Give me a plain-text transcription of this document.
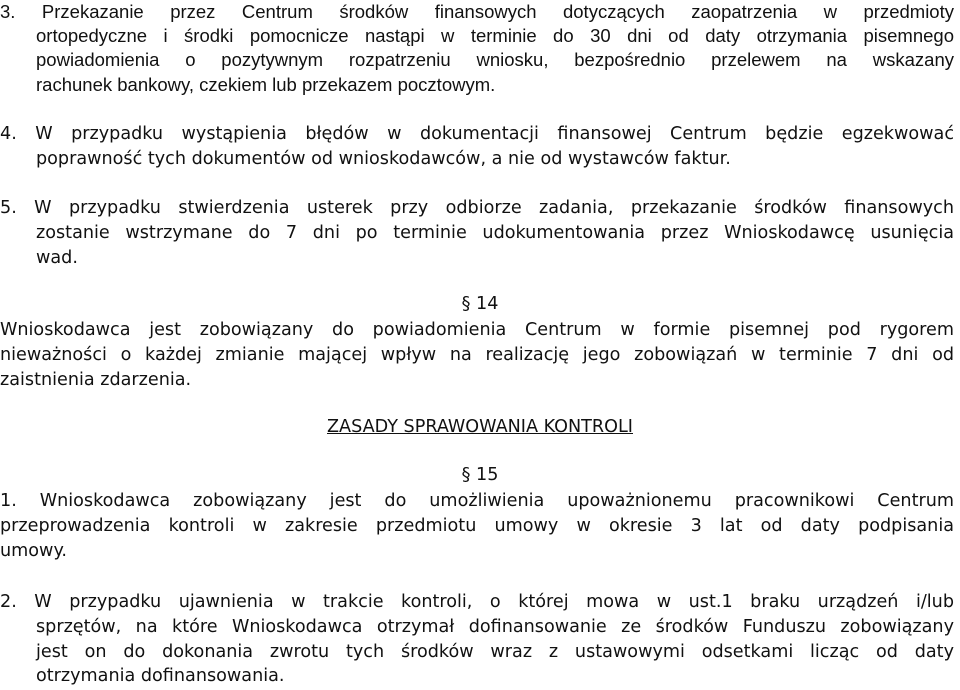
3. Przekazanie przez Centrum środków finansowych dotyczących zaopatrzenia w przedmioty
ortopedyczne i środki pomocnicze nastąpi w terminie do 30 dni od daty otrzymania pisemnego
powiadomienia o pozytywnym rozpatrzeniu wniosku, bezpośrednio przelewem na wskazany
rachunek bankowy, czekiem lub przekazem pocztowym.
4. W przypadku wystąpienia błędów w dokumentacji finansowej Centrum będzie egzekwować
poprawność tych dokumentów od wnioskodawców, a nie od wystawców faktur.
5. W przypadku stwierdzenia usterek przy odbiorze zadania, przekazanie środków finansowych
zostanie wstrzymane do 7 dni po terminie udokumentowania przez Wnioskodawcę usunięcia
wad.
§ 14
Wnioskodawca jest zobowiązany do powiadomienia Centrum w formie pisemnej pod rygorem
nieważności o każdej zmianie mającej wpływ na realizację jego zobowiązań w terminie 7 dni od
zaistnienia zdarzenia.
ZASADY SPRAWOWANIA KONTROLI
§ 15
1. Wnioskodawca zobowiązany jest do umożliwienia upoważnionemu pracownikowi Centrum
przeprowadzenia kontroli w zakresie przedmiotu umowy w okresie 3 lat od daty podpisania
umowy.
2. W przypadku ujawnienia w trakcie kontroli, o której mowa w ust.1 braku urządzeń i/lub
sprzętów, na które Wnioskodawca otrzymał dofinansowanie ze środków Funduszu zobowiązany
jest on do dokonania zwrotu tych środków wraz z ustawowymi odsetkami licząc od daty
otrzymania dofinansowania.
